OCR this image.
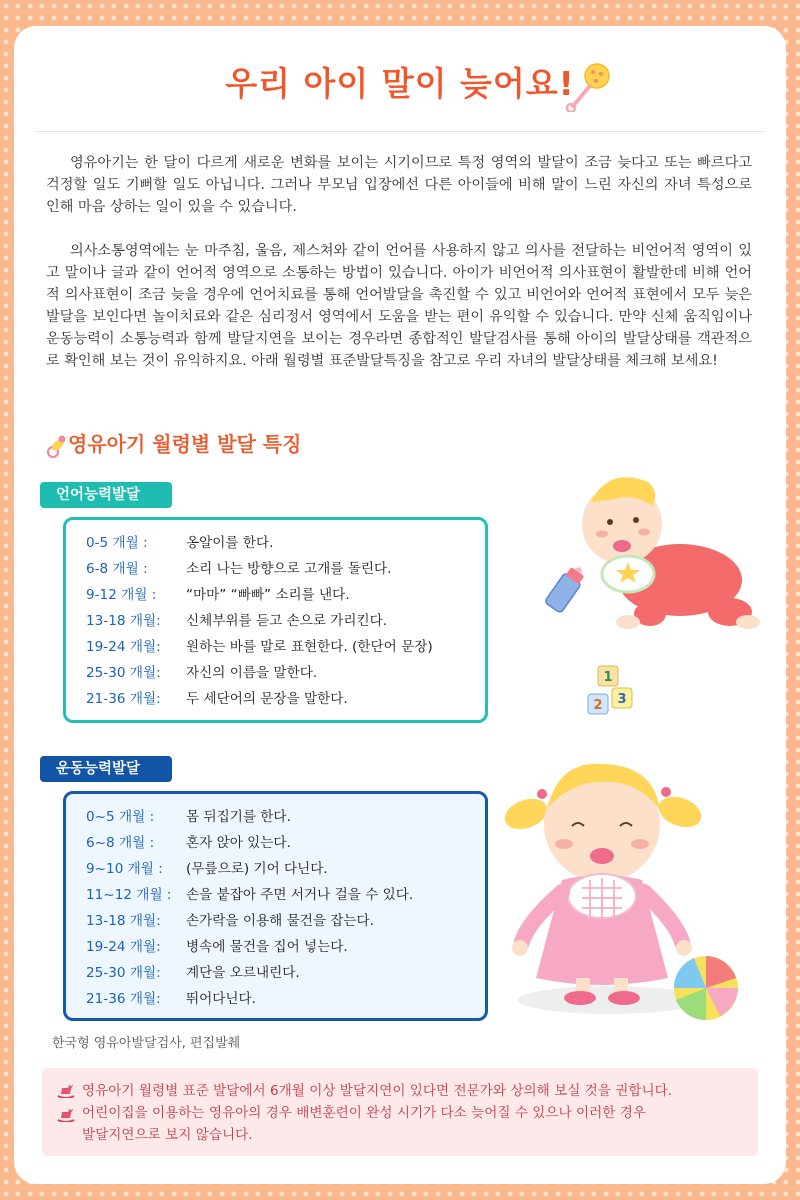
우리 아이 말이 늦어요!

영유아기는 한 달이 다르게 새로운 변화를 보이는 시기이므로 특정 영역의 발달이 조금 늦다고 또는 빠르다고 걱정할 일도 기뻐할 일도 아닙니다. 그러나 부모님 입장에선 다른 아이들에 비해 말이 느린 자신의 자녀 특성으로 인해 마음 상하는 일이 있을 수 있습니다.

의사소통영역에는 눈 마주침, 울음, 제스쳐와 같이 언어를 사용하지 않고 의사를 전달하는 비언어적 영역이 있고 말이나 글과 같이 언어적 영역으로 소통하는 방법이 있습니다. 아이가 비언어적 의사표현이 활발한데 비해 언어적 의사표현이 조금 늦을 경우에 언어치료를 통해 언어발달을 촉진할 수 있고 비언어와 언어적 표현에서 모두 늦은 발달을 보인다면 놀이치료와 같은 심리정서 영역에서 도움을 받는 편이 유익할 수 있습니다. 만약 신체 움직임이나 운동능력이 소통능력과 함께 발달지연을 보이는 경우라면 종합적인 발달검사를 통해 아이의 발달상태를 객관적으로 확인해 보는 것이 유익하지요. 아래 월령별 표준발달특징을 참고로 우리 자녀의 발달상태를 체크해 보세요!

영유아기 월령별 발달 특징
언어능력발달
0-5 개월 :	옹알이를 한다.
6-8 개월 :	소리 나는 방향으로 고개를 돌린다.
9-12 개월 : “마마” “빠빠” 소리를 낸다.
13-18 개월: 신체부위를 듣고 손으로 가리킨다.
19-24 개월: 원하는 바를 말로 표현한다. (한단어 문장)
25-30 개월: 자신의 이름을 말한다.
21-36 개월: 두 세단어의 문장을 말한다.
운동능력발달
0~5 개월 : 몸 뒤집기를 한다.
6~8 개월 : 혼자 앉아 있는다.
9~10 개월 : (무릎으로) 기어 다닌다.
11~12 개월 : 손을 붙잡아 주면 서거나 걸을 수 있다.
13-18 개월: 손가락을 이용해 물건을 잡는다.
19-24 개월: 병속에 물건을 집어 넣는다.
25-30 개월: 계단을 오르내린다.
21-36 개월: 뛰어다닌다.
1
2 3
한국형 영유아발달검사, 편집발췌

영유아기 월령별 표준 발달에서 6개월 이상 발달지연이 있다면 전문가와 상의해 보실 것을 권합니다.

어린이집을 이용하는 영유아의 경우 배변훈련이 완성 시기가 다소 늦어질 수 있으나 이러한 경우

발달지연으로 보지 않습니다.
